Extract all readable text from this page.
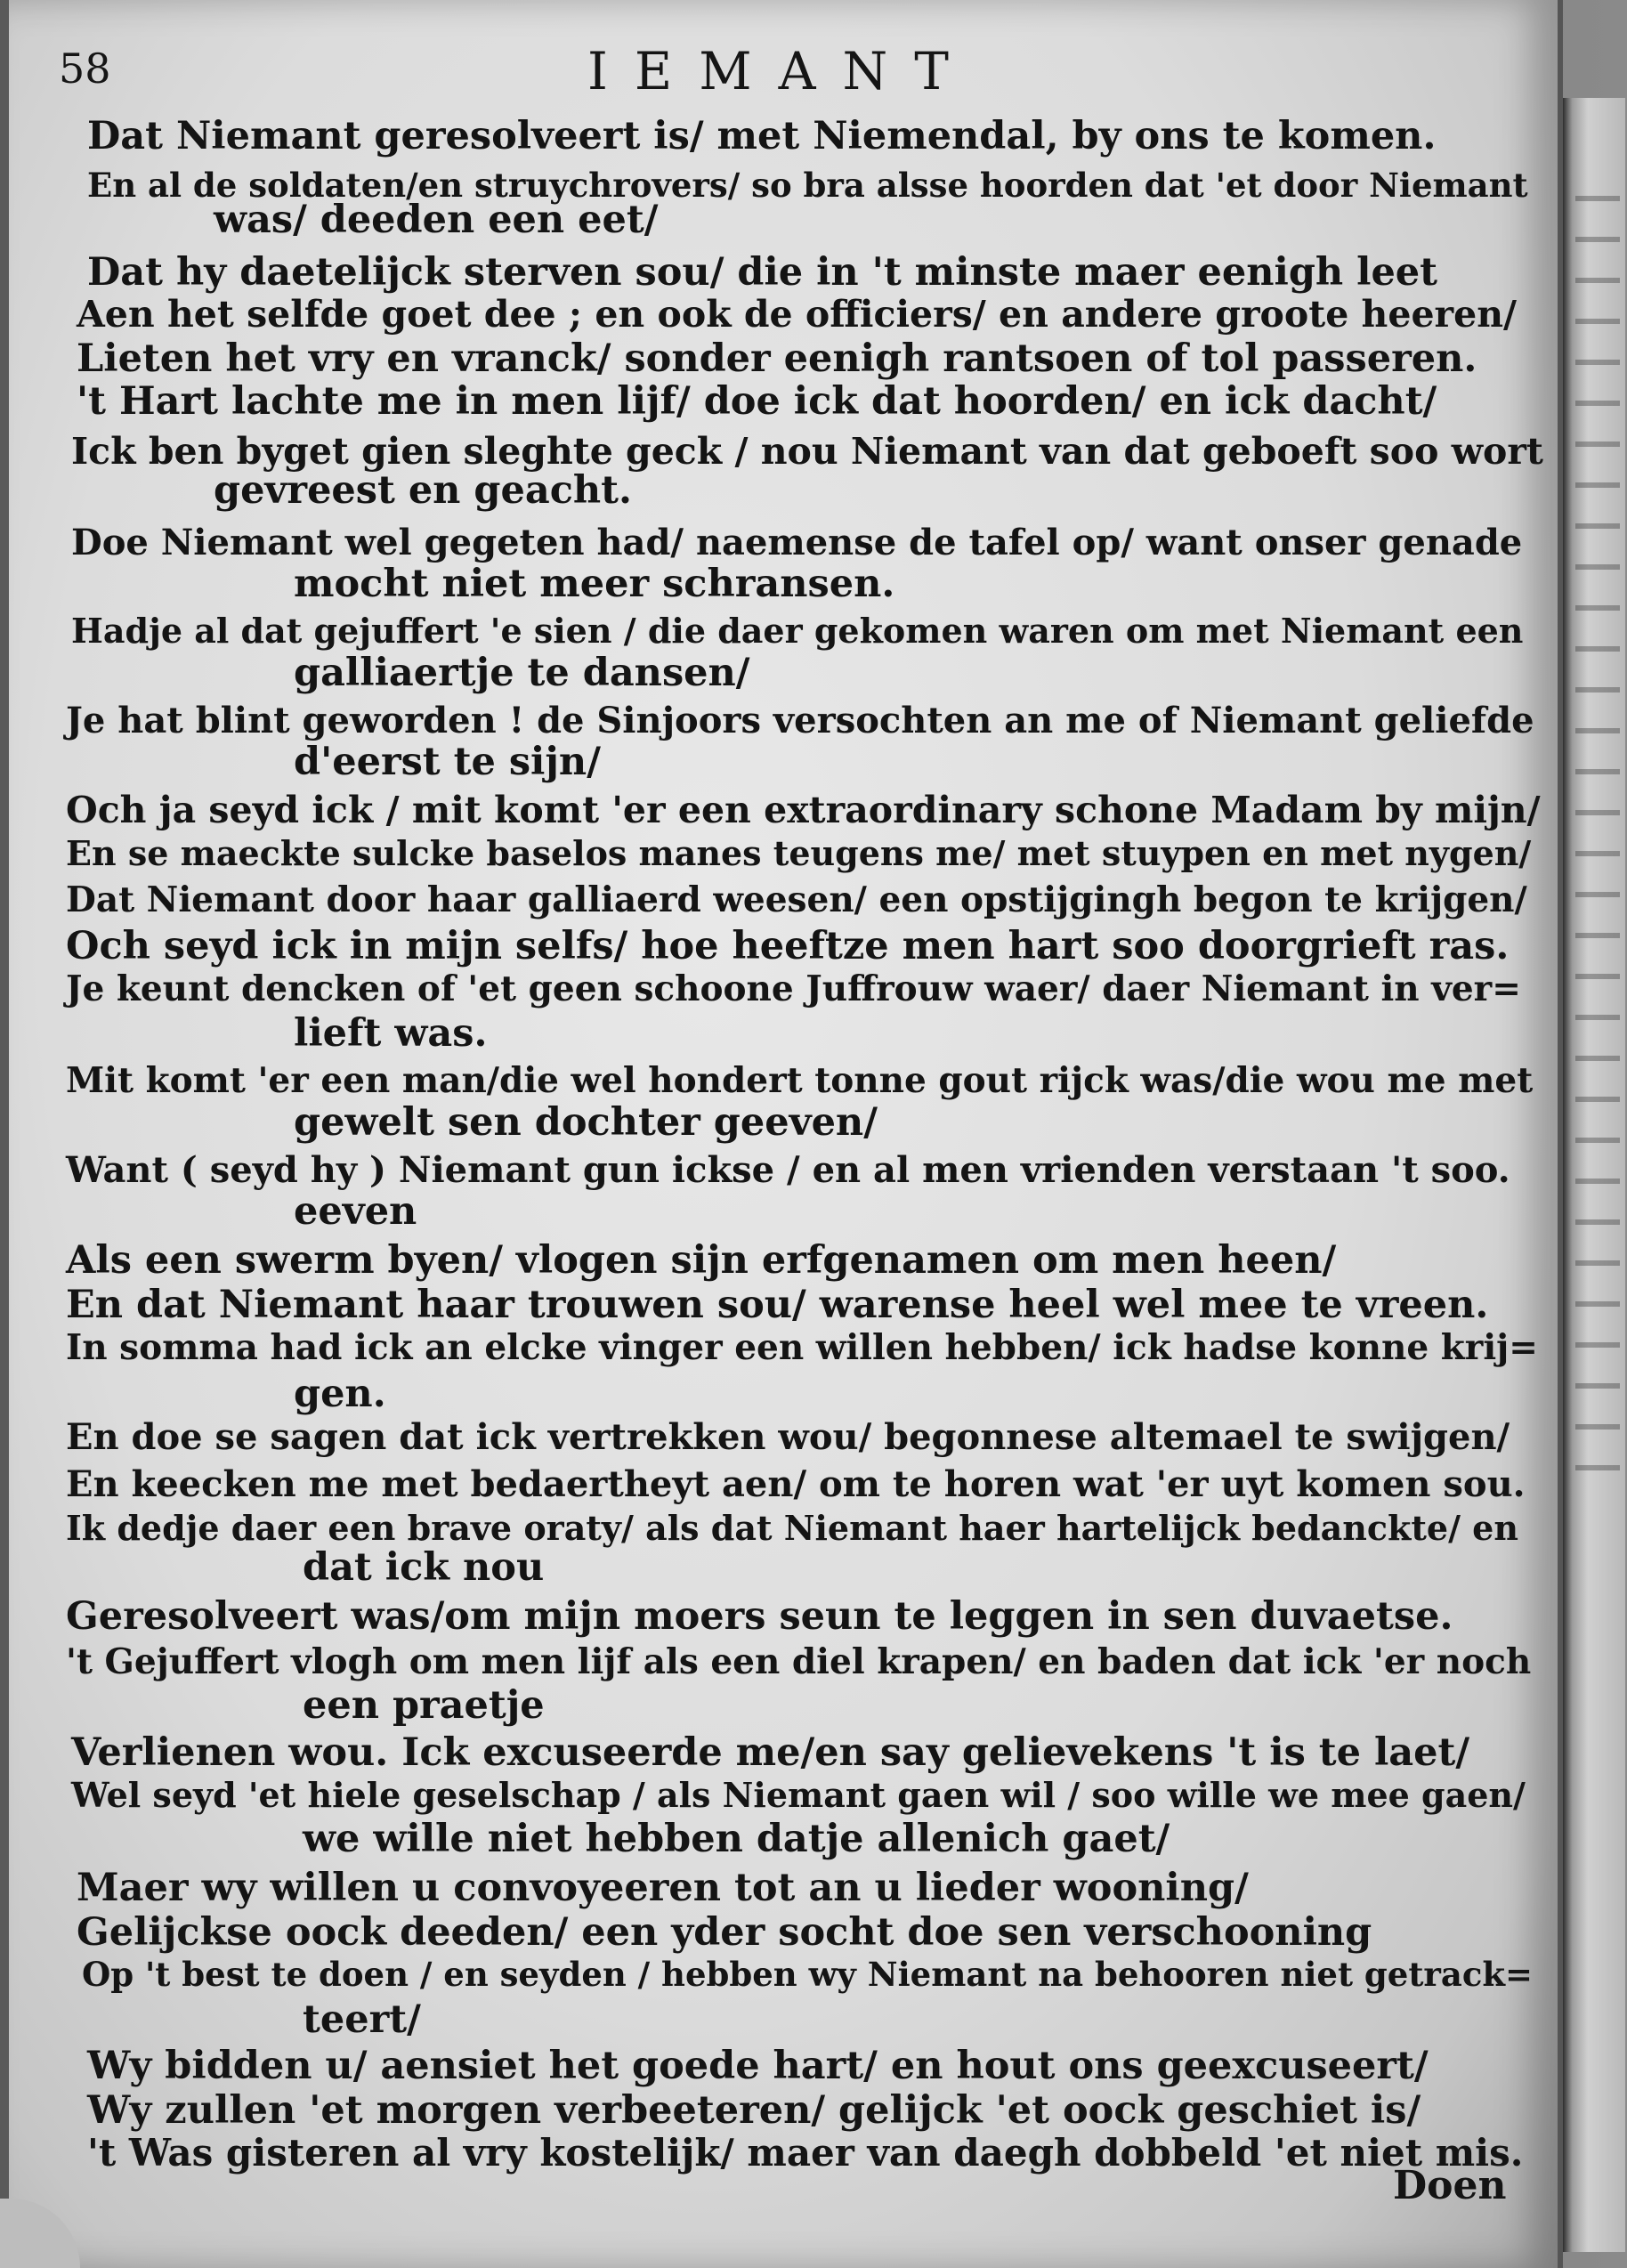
58	IEMANT
Dat Niemant geresolveert is/ met Niemendal, by ons te komen.
En al de soldaten/en struychrovers/ so bra alsse hoorden dat 'et door Niemant
was/ deeden een eet/
Dat hy daetelijck sterven sou/ die in 't minste maer eenigh leet
Aen het selfde goet dee ; en ook de officiers/ en andere groote heeren/
Lieten het vry en vranck/ sonder eenigh rantsoen of tol passeren.
't Hart lachte me in men lijf/ doe ick dat hoorden/ en ick dacht/
Ick ben byget gien sleghte geck / nou Niemant van dat geboeft soo wort
gevreest en geacht.
Doe Niemant wel gegeten had/ naemense de tafel op/ want onser genade
mocht niet meer schransen.
Hadje al dat gejuffert 'e sien / die daer gekomen waren om met Niemant een
galliaertje te dansen/
Je hat blint geworden ! de Sinjoors versochten an me of Niemant geliefde
d'eerst te sijn/
Och ja seyd ick / mit komt 'er een extraordinary schone Madam by mijn/
En se maeckte sulcke baselos manes teugens me/ met stuypen en met nygen/
Dat Niemant door haar galliaerd weesen/ een opstijgingh begon te krijgen/
Och seyd ick in mijn selfs/ hoe heeftze men hart soo doorgrieft ras.
Je keunt dencken of 'et geen schoone Juffrouw waer/ daer Niemant in ver=
lieft was.
Mit komt 'er een man/die wel hondert tonne gout rijck was/die wou me met
gewelt sen dochter geeven/
Want ( seyd hy ) Niemant gun ickse / en al men vrienden verstaan 't soo.
eeven
Als een swerm byen/ vlogen sijn erfgenamen om men heen/
En dat Niemant haar trouwen sou/ warense heel wel mee te vreen.
In somma had ick an elcke vinger een willen hebben/ ick hadse konne krij=
gen.
En doe se sagen dat ick vertrekken wou/ begonnese altemael te swijgen/
En keecken me met bedaertheyt aen/ om te horen wat 'er uyt komen sou.
Ik dedje daer een brave oraty/ als dat Niemant haer hartelijck bedanckte/ en
dat ick nou
Geresolveert was/om mijn moers seun te leggen in sen duvaetse.
't Gejuffert vlogh om men lijf als een diel krapen/ en baden dat ick 'er noch
een praetje
Verlienen wou. Ick excuseerde me/en say gelievekens 't is te laet/
Wel seyd 'et hiele geselschap / als Niemant gaen wil / soo wille we mee gaen/
we wille niet hebben datje allenich gaet/
Maer wy willen u convoyeeren tot an u lieder wooning/
Gelijckse oock deeden/ een yder socht doe sen verschooning
Op 't best te doen / en seyden / hebben wy Niemant na behooren niet getrack=
teert/
Wy bidden u/ aensiet het goede hart/ en hout ons geexcuseert/
Wy zullen 'et morgen verbeeteren/ gelijck 'et oock geschiet is/
't Was gisteren al vry kostelijk/ maer van daegh dobbeld 'et niet mis.
Doen
